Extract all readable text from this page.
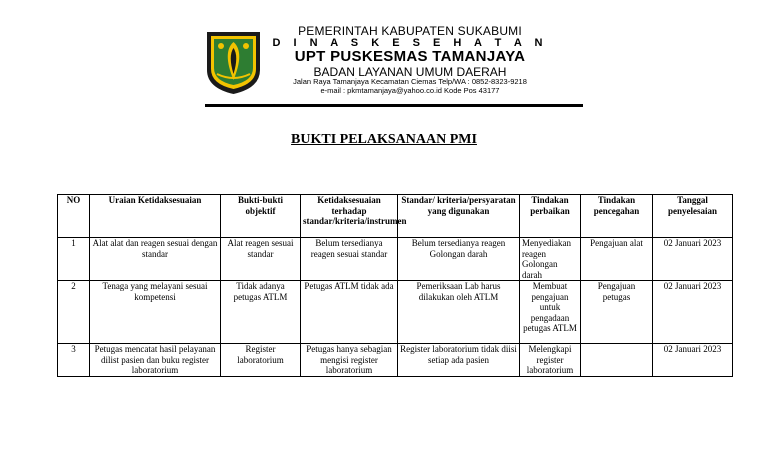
PEMERINTAH KABUPATEN SUKABUMI
D I N A S K E S E H A T A N
UPT PUSKESMAS TAMANJAYA
BADAN LAYANAN UMUM DAERAH
Jalan Raya Tamanjaya Kecamatan Ciemas Telp/WA : 0852-8323-9218
e-mail : pkmtamanjaya@yahoo.co.id Kode Pos 43177
BUKTI PELAKSANAAN PMI
NO	Uraian Ketidaksesuaian	Bukti-bukti objektif	Ketidaksesuaian terhadap standar/kriteria/instrumen	Standar/ kriteria/persyaratan yang digunakan	Tindakan perbaikan	Tindakan pencegahan	Tanggal penyelesaian
1	Alat alat dan reagen sesuai dengan standar	Alat reagen sesuai standar	Belum tersedianya reagen sesuai standar	Belum tersedianya reagen Golongan darah	Menyediakan reagen Golongan darah	Pengajuan alat	02 Januari 2023
2	Tenaga yang melayani sesuai kompetensi	Tidak adanya petugas ATLM	Petugas ATLM tidak ada	Pemeriksaan Lab harus dilakukan oleh ATLM	Membuat pengajuan untuk pengadaan petugas ATLM	Pengajuan petugas	02 Januari 2023
3	Petugas mencatat hasil pelayanan dilist pasien dan buku register laboratorium	Register laboratorium	Petugas hanya sebagian mengisi register laboratorium	Register laboratorium tidak diisi setiap ada pasien	Melengkapi register laboratorium		02 Januari 2023
